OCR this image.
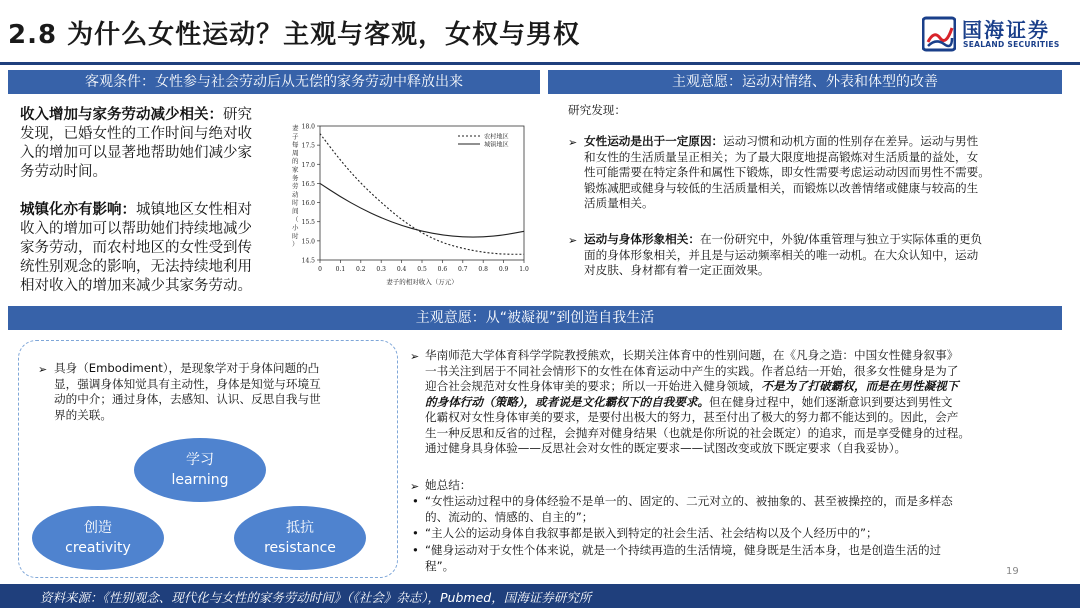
2.8 为什么女性运动？主观与客观，女权与男权	国海证券
SEALAND SECURITIES
客观条件：女性参与社会劳动后从无偿的家务劳动中释放出来	主观意愿：运动对情绪、外表和体型的改善
收入增加与家务劳动减少相关：研究
发现，已婚女性的工作时间与绝对收
入的增加可以显著地帮助她们减少家
务劳动时间。
城镇化亦有影响：城镇地区女性相对
收入的增加可以帮助她们持续地减少
家务劳动，而农村地区的女性受到传
统性别观念的影响，无法持续地利用
相对收入的增加来减少其家务劳动。
14.5
15.0
15.5
16.0
16.5
17.0
17.5
18.0
0 0.1 0.2 0.3 0.4 0.5 0.6 0.7 0.8 0.9 1.0
妻子的相对收入（万元）
妻子每周的家务劳动时间（小时）
农村地区
城镇地区
研究发现：
➢ 女性运动是出于一定原因：运动习惯和动机方面的性别存在差异。运动与男性
和女性的生活质量呈正相关；为了最大限度地提高锻炼对生活质量的益处，女
性可能需要在特定条件和属性下锻炼，即女性需要考虑运动动因而男性不需要。
锻炼减肥或健身与较低的生活质量相关，而锻炼以改善情绪或健康与较高的生
活质量相关。
➢ 运动与身体形象相关：在一份研究中，外貌/体重管理与独立于实际体重的更负
面的身体形象相关，并且是与运动频率相关的唯一动机。在大众认知中，运动
对皮肤、身材都有着一定正面效果。
主观意愿：从“被凝视”到创造自我生活
➢ 具身（Embodiment），是现象学对于身体问题的凸
显，强调身体知觉具有主动性，身体是知觉与环境互
动的中介；通过身体，去感知、认识、反思自我与世
界的关联。
学习
learning
创造
creativity
抵抗
resistance
➢ 华南师范大学体育科学学院教授熊欢，长期关注体育中的性别问题，在《凡身之造：中国女性健身叙事》
一书关注到居于不同社会情形下的女性在体育运动中产生的实践。作者总结一开始，很多女性健身是为了
迎合社会规范对女性身体审美的要求；所以一开始进入健身领域，不是为了打破霸权，而是在男性凝视下
的身体行动（策略），或者说是文化霸权下的自我要求。但在健身过程中，她们逐渐意识到要达到男性文
化霸权对女性身体审美的要求，是要付出极大的努力，甚至付出了极大的努力都不能达到的。因此，会产
生一种反思和反省的过程，会抛弃对健身结果（也就是你所说的社会既定）的追求，而是享受健身的过程。
通过健身具身体验——反思社会对女性的既定要求——试图改变或放下既定要求（自我妥协）。
➢ 她总结：
• “女性运动过程中的身体经验不是单一的、固定的、二元对立的、被抽象的、甚至被操控的，而是多样态
的、流动的、情感的、自主的”；
• “主人公的运动身体自我叙事都是嵌入到特定的社会生活、社会结构以及个人经历中的”；
• “健身运动对于女性个体来说，就是一个持续再造的生活情境，健身既是生活本身，也是创造生活的过
程”。	19
资料来源：《性别观念、现代化与女性的家务劳动时间》（《社会》杂志），Pubmed，国海证券研究所
